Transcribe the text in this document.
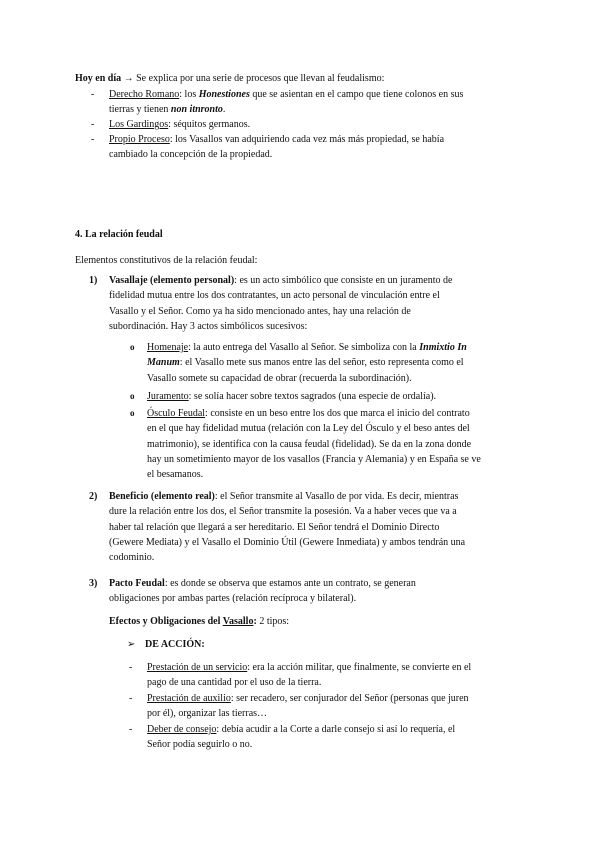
Hoy en día → Se explica por una serie de procesos que llevan al feudalismo:
- Derecho Romano: los Honestiones que se asientan en el campo que tiene colonos en sus
tierras y tienen non itnronto.
- Los Gardingos: séquitos germanos.
- Propio Proceso: los Vasallos van adquiriendo cada vez más más propiedad, se había
cambiado la concepción de la propiedad.
4. La relación feudal
Elementos constitutivos de la relación feudal:
1) Vasallaje (elemento personal): es un acto simbólico que consiste en un juramento de
fidelidad mutua entre los dos contratantes, un acto personal de vinculación entre el
Vasallo y el Señor. Como ya ha sido mencionado antes, hay una relación de
subordinación. Hay 3 actos simbólicos sucesivos:
o Homenaje: la auto entrega del Vasallo al Señor. Se simboliza con la Inmixtio In
Manum: el Vasallo mete sus manos entre las del señor, esto representa como el
Vasallo somete su capacidad de obrar (recuerda la subordinación).
o Juramento: se solía hacer sobre textos sagrados (una especie de ordalía).
o Ósculo Feudal: consiste en un beso entre los dos que marca el inicio del contrato
en el que hay fidelidad mutua (relación con la Ley del Ósculo y el beso antes del
matrimonio), se identifica con la causa feudal (fidelidad). Se da en la zona donde
hay un sometimiento mayor de los vasallos (Francia y Alemania) y en España se ve
el besamanos.
2) Beneficio (elemento real): el Señor transmite al Vasallo de por vida. Es decir, mientras
dure la relación entre los dos, el Señor transmite la posesión. Va a haber veces que va a
haber tal relación que llegará a ser hereditario. El Señor tendrá el Dominio Directo
(Gewere Mediata) y el Vasallo el Dominio Útil (Gewere Inmediata) y ambos tendrán una
codominio.
3) Pacto Feudal: es donde se observa que estamos ante un contrato, se generan
obligaciones por ambas partes (relación recíproca y bilateral).
Efectos y Obligaciones del Vasallo: 2 tipos:
➢ DE ACCIÓN:
- Prestación de un servicio: era la acción militar, que finalmente, se convierte en el
pago de una cantidad por el uso de la tierra.
- Prestación de auxilio: ser recadero, ser conjurador del Señor (personas que juren
por él), organizar las tierras…
- Deber de consejo: debía acudir a la Corte a darle consejo si así lo requería, el
Señor podía seguirlo o no.
